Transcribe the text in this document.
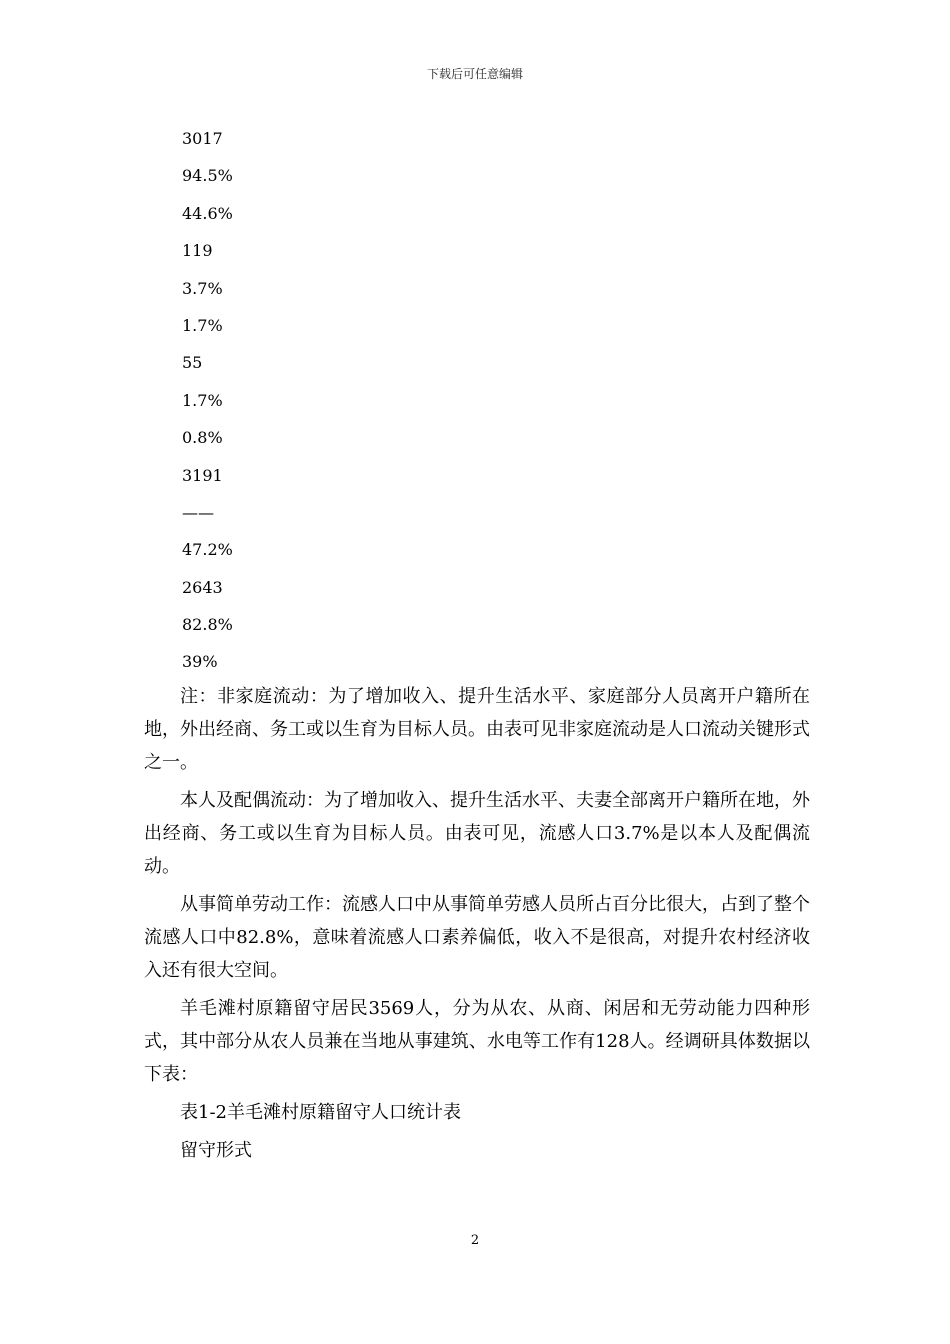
下载后可任意编辑
3017
94.5%
44.6%
119
3.7%
1.7%
55
1.7%
0.8%
3191
——
47.2%
2643
82.8%
39%

注：非家庭流动：为了增加收入、提升生活水平、家庭部分人员离开户籍所在地，外出经商、务工或以生育为目标人员。由表可见非家庭流动是人口流动关键形式之一。

本人及配偶流动：为了增加收入、提升生活水平、夫妻全部离开户籍所在地，外出经商、务工或以生育为目标人员。由表可见，流感人口3.7%是以本人及配偶流动。

从事简单劳动工作：流感人口中从事简单劳感人员所占百分比很大，占到了整个流感人口中82.8%，意味着流感人口素养偏低，收入不是很高，对提升农村经济收入还有很大空间。

羊毛滩村原籍留守居民3569人，分为从农、从商、闲居和无劳动能力四种形式，其中部分从农人员兼在当地从事建筑、水电等工作有128人。经调研具体数据以下表：

表1-2羊毛滩村原籍留守人口统计表

留守形式

2
